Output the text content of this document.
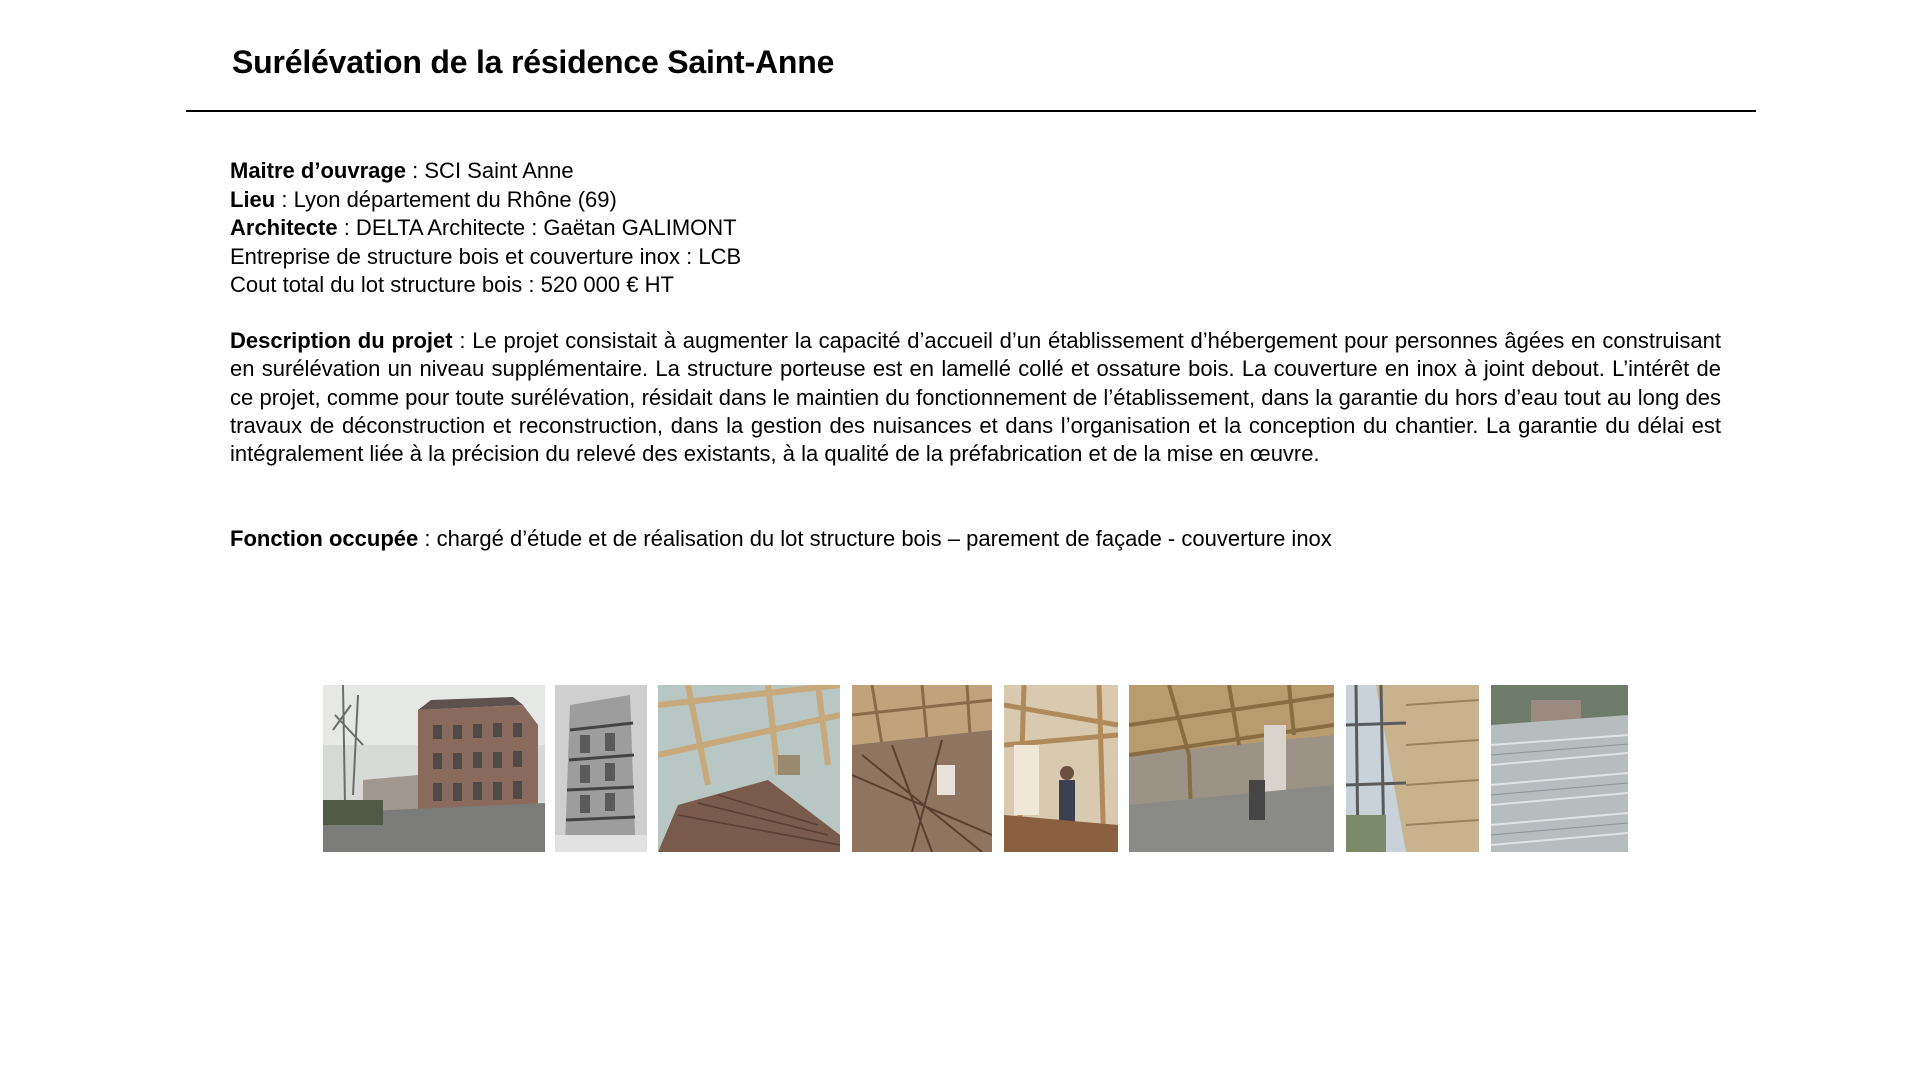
Surélévation de la résidence Saint-Anne
Maitre d’ouvrage : SCI Saint Anne
Lieu : Lyon département du Rhône (69)
Architecte : DELTA Architecte : Gaëtan GALIMONT
Entreprise de structure bois et couverture inox : LCB
Cout total du lot structure bois : 520 000 € HT

Description du projet : Le projet consistait à augmenter la capacité d’accueil d’un établissement d’hébergement pour personnes âgées en construisant en surélévation un niveau supplémentaire. La structure porteuse est en lamellé collé et ossature bois. La couverture en inox à joint debout. L’intérêt de ce projet, comme pour toute surélévation, résidait dans le maintien du fonctionnement de l’établissement, dans la garantie du hors d’eau tout au long des travaux de déconstruction et reconstruction, dans la gestion des nuisances et dans l’organisation et la conception du chantier. La garantie du délai est intégralement liée à la précision du relevé des existants, à la qualité de la préfabrication et de la mise en œuvre.

Fonction occupée : chargé d’étude et de réalisation du lot structure bois – parement de façade - couverture inox
